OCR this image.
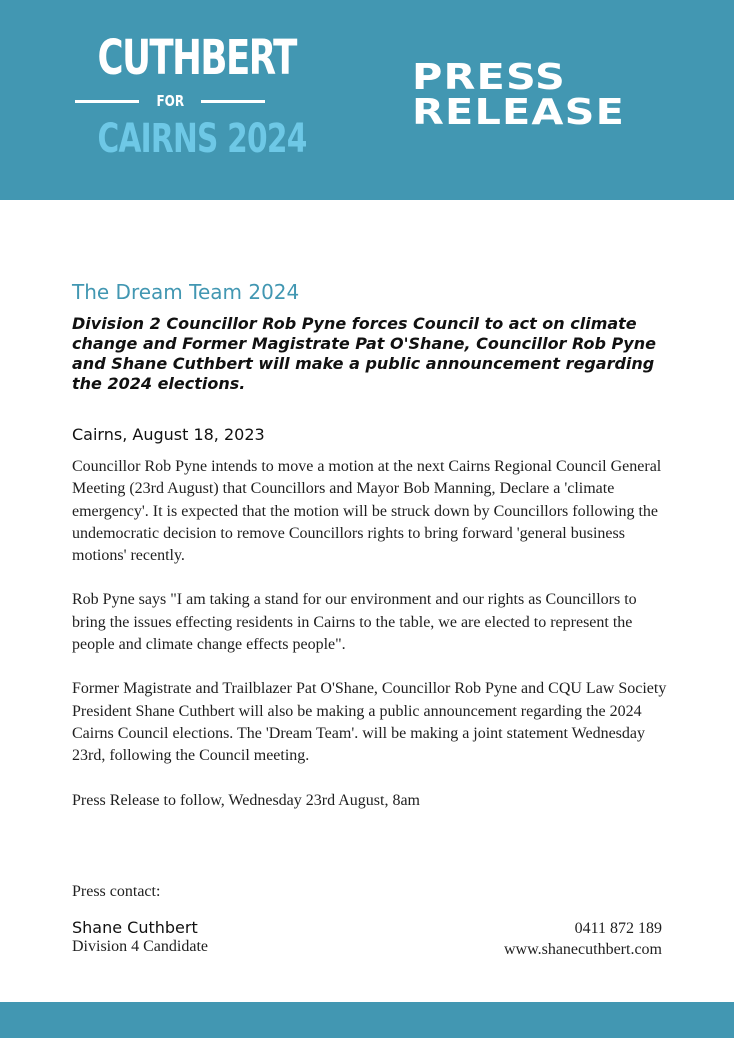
CUTHBERT
FOR
CAIRNS 2024
PRESS
RELEASE
The Dream Team 2024
Division 2 Councillor Rob Pyne forces Council to act on climate change and Former Magistrate Pat O'Shane, Councillor Rob Pyne and Shane Cuthbert will make a public announcement regarding the 2024 elections.
Cairns, August 18, 2023

Councillor Rob Pyne intends to move a motion at the next Cairns Regional Council General Meeting (23rd August) that Councillors and Mayor Bob Manning, Declare a 'climate emergency'. It is expected that the motion will be struck down by Councillors following the undemocratic decision to remove Councillors rights to bring forward 'general business motions' recently.

Rob Pyne says "I am taking a stand for our environment and our rights as Councillors to bring the issues effecting residents in Cairns to the table, we are elected to represent the people and climate change effects people".

Former Magistrate and Trailblazer Pat O'Shane, Councillor Rob Pyne and CQU Law Society President Shane Cuthbert will also be making a public announcement regarding the 2024 Cairns Council elections. The 'Dream Team'. will be making a joint statement Wednesday 23rd, following the Council meeting.

Press Release to follow, Wednesday 23rd August, 8am

Press contact:
Shane Cuthbert
Division 4 Candidate
0411 872 189
www.shanecuthbert.com
